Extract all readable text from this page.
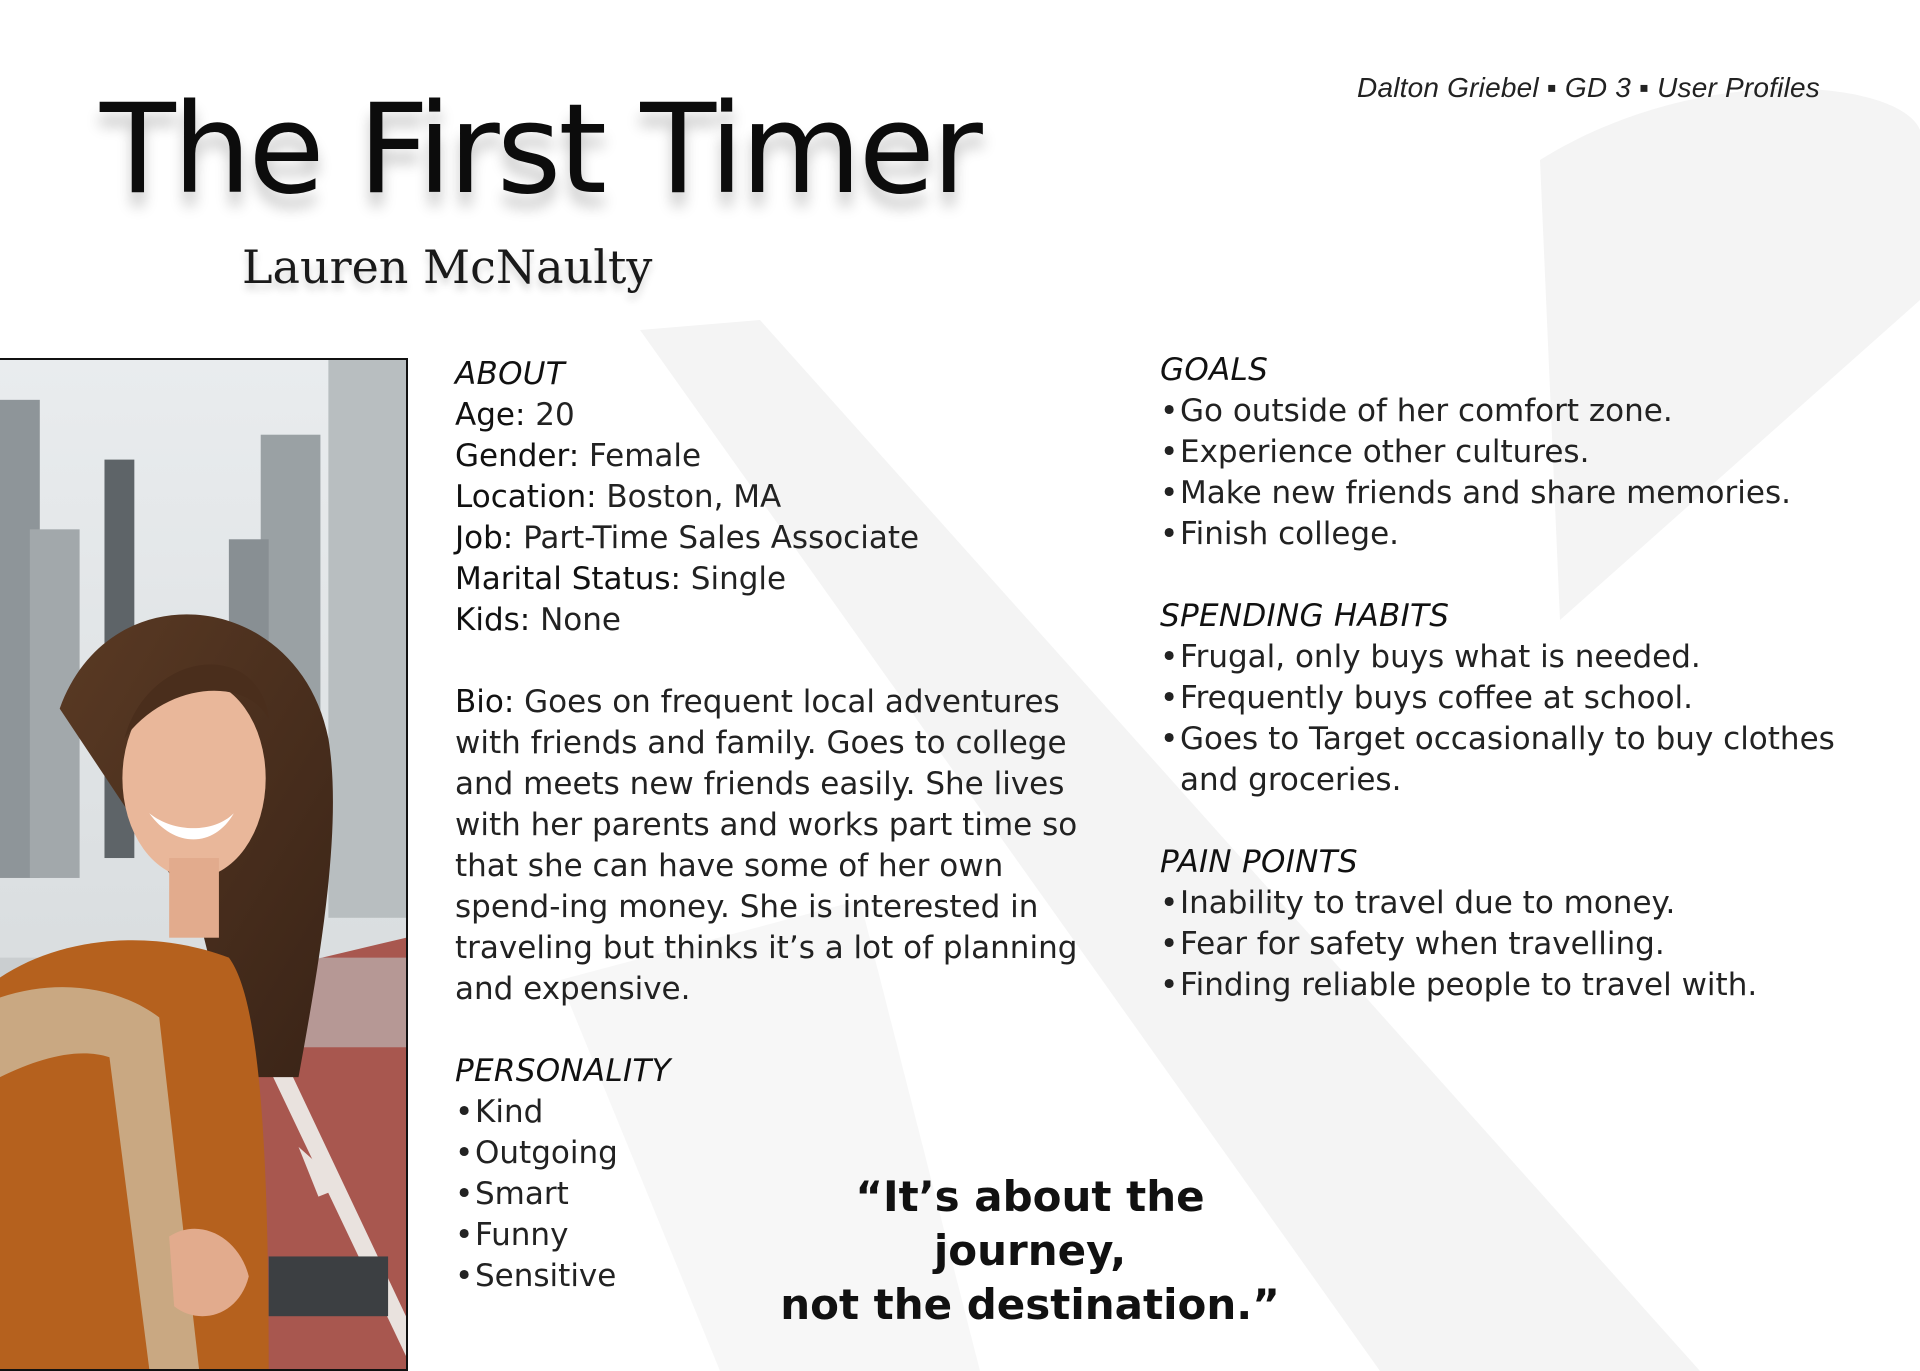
Dalton Griebel ▪ GD 3 ▪ User Profiles
The First Timer
Lauren McNaulty
ABOUT
Age: 20
Gender: Female
Location: Boston, MA
Job: Part-Time Sales Associate
Marital Status: Single
Kids: None
Bio: Goes on frequent local adventures with friends and family. Goes to college and meets new friends easily. She lives with her parents and works part time so that she can have some of her own spend-ing money. She is interested in traveling but thinks it’s a lot of planning and expensive.
PERSONALITY
• Kind
• Outgoing
• Smart
• Funny
• Sensitive
GOALS
• Go outside of her comfort zone.
• Experience other cultures.
• Make new friends and share memories.
• Finish college.
SPENDING HABITS
• Frugal, only buys what is needed.
• Frequently buys coffee at school.
• Goes to Target occasionally to buy clothes and groceries.
PAIN POINTS
• Inability to travel due to money.
• Fear for safety when travelling.
• Finding reliable people to travel with.
“It’s about the journey,
not the destination.”
